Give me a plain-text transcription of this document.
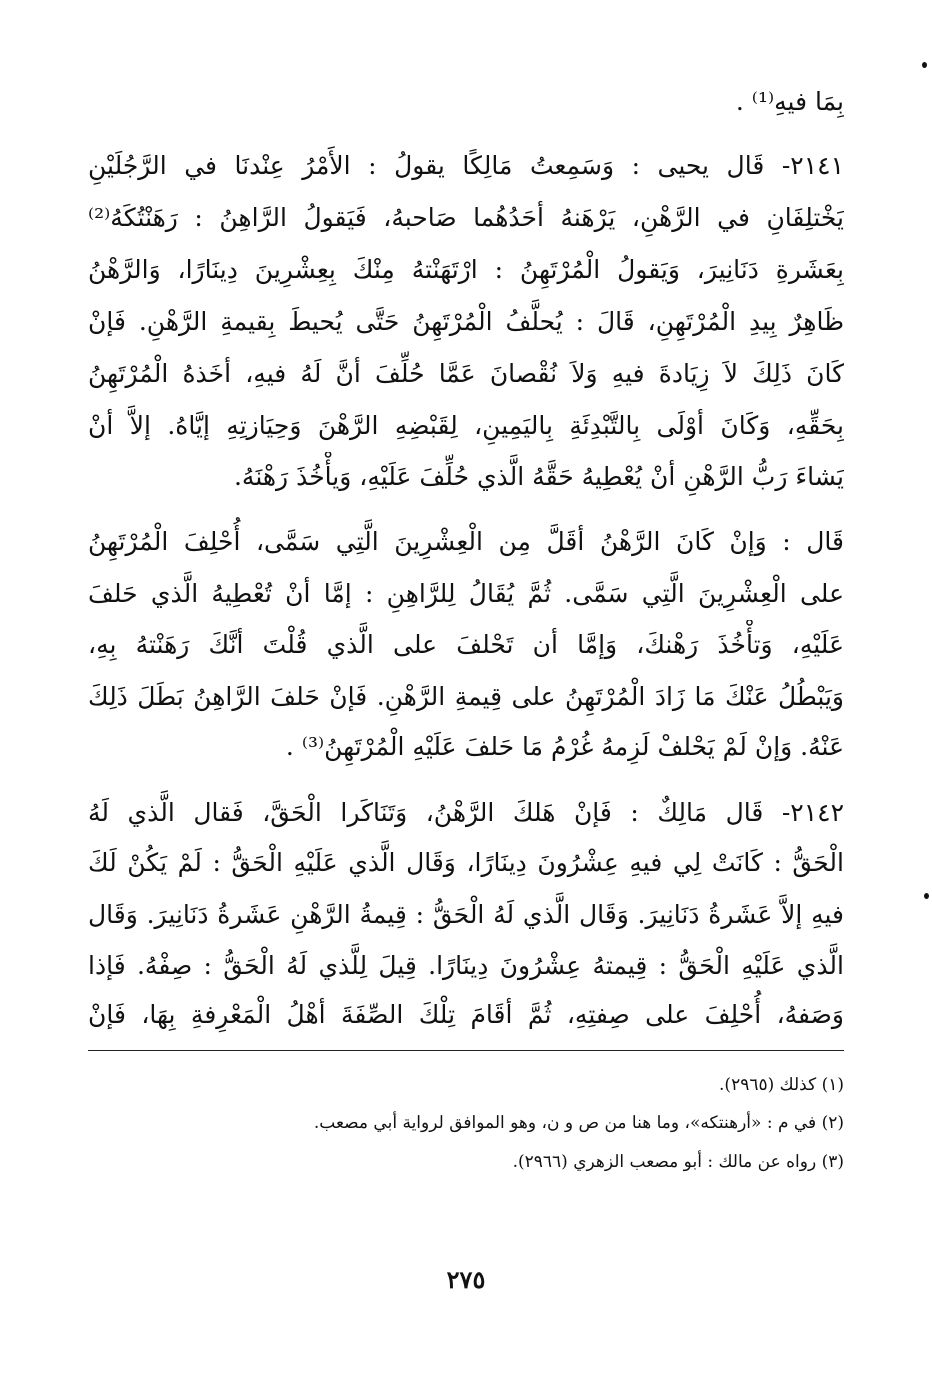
بِمَا فيهِ⁽¹⁾ .
٢١٤١- قَال يحيى : وَسَمِعتُ مَالِكًا يقولُ : الأَمْرُ عِنْدنَا في الرَّجُلَيْنِ
يَخْتلِفَانِ في الرَّهْنِ، يَرْهَنهُ أحَدُهُما صَاحبهُ، فَيَقولُ الرَّاهِنُ : رَهَنْتُكَهُ⁽²⁾
بِعَشَرةِ دَنَانِيرَ، وَيَقولُ الْمُرْتَهِنُ : ارْتَهَنْتهُ مِنْكَ بِعِشْرِينَ دِينَارًا، وَالرَّهْنُ
ظَاهِرٌ بِيدِ الْمُرْتَهِنِ، قَالَ : يُحلَّفُ الْمُرْتَهِنُ حَتَّى يُحيطَ بِقيمةِ الرَّهْنِ. فَإنْ
كَانَ ذَلِكَ لاَ زِيَادةَ فيهِ وَلاَ نُقْصانَ عَمَّا حُلِّفَ أنَّ لَهُ فيهِ، أخَذهُ الْمُرْتَهِنُ
بِحَقِّهِ، وَكَانَ أوْلَى بِالتَّبْدِئَةِ بِاليَمِينِ، لِقَبْضِهِ الرَّهْنَ وَحِيَازتِهِ إيَّاهُ. إلاَّ أنْ
يَشاءَ رَبُّ الرَّهْنِ أنْ يُعْطِيهُ حَقَّهُ الَّذي حُلِّفَ عَلَيْهِ، وَيأْخُذَ رَهْنَهُ.
قَال : وَإنْ كَانَ الرَّهْنُ أقَلَّ مِن الْعِشْرِينَ الَّتِي سَمَّى، أُحْلِفَ الْمُرْتَهِنُ
على الْعِشْرِينَ الَّتِي سَمَّى. ثُمَّ يُقَالُ لِلرَّاهِنِ : إمَّا أنْ تُعْطِيهُ الَّذي حَلفَ
عَلَيْهِ، وَتأْخُذَ رَهْنكَ، وَإمَّا أن تَحْلفَ على الَّذي قُلْتَ أنَّكَ رَهَنْتهُ بِهِ،
وَيَبْطُلُ عَنْكَ مَا زَادَ الْمُرْتَهِنُ على قِيمةِ الرَّهْنِ. فَإنْ حَلفَ الرَّاهِنُ بَطَلَ ذَلِكَ
عَنْهُ. وَإنْ لَمْ يَحْلفْ لَزِمهُ غُرْمُ مَا حَلفَ عَلَيْهِ الْمُرْتَهِنُ⁽³⁾ .
٢١٤٢- قَال مَالِكٌ : فَإنْ هَلكَ الرَّهْنُ، وَتَنَاكَرا الْحَقَّ، فَقال الَّذي لَهُ
الْحَقُّ : كَانَتْ لِي فيهِ عِشْرُونَ دِينَارًا، وَقَال الَّذي عَلَيْهِ الْحَقُّ : لَمْ يَكُنْ لَكَ
فيهِ إلاَّ عَشَرةُ دَنَانِيرَ. وَقَال الَّذي لَهُ الْحَقُّ : قِيمةُ الرَّهْنِ عَشَرةُ دَنَانِيرَ. وَقَال
الَّذي عَلَيْهِ الْحَقُّ : قِيمتهُ عِشْرُونَ دِينَارًا. قِيلَ لِلَّذي لَهُ الْحَقُّ : صِفْهُ. فَإذا
وَصَفهُ، أُحْلِفَ على صِفتِهِ، ثُمَّ أقَامَ تِلْكَ الصِّفَةَ أهْلُ الْمَعْرِفةِ بِهَا، فَإنْ
(١) كذلك (٢٩٦٥).
(٢) في م : «أرهنتكه»، وما هنا من ص و ن، وهو الموافق لرواية أبي مصعب.
(٣) رواه عن مالك : أبو مصعب الزهري (٢٩٦٦).
٢٧٥
